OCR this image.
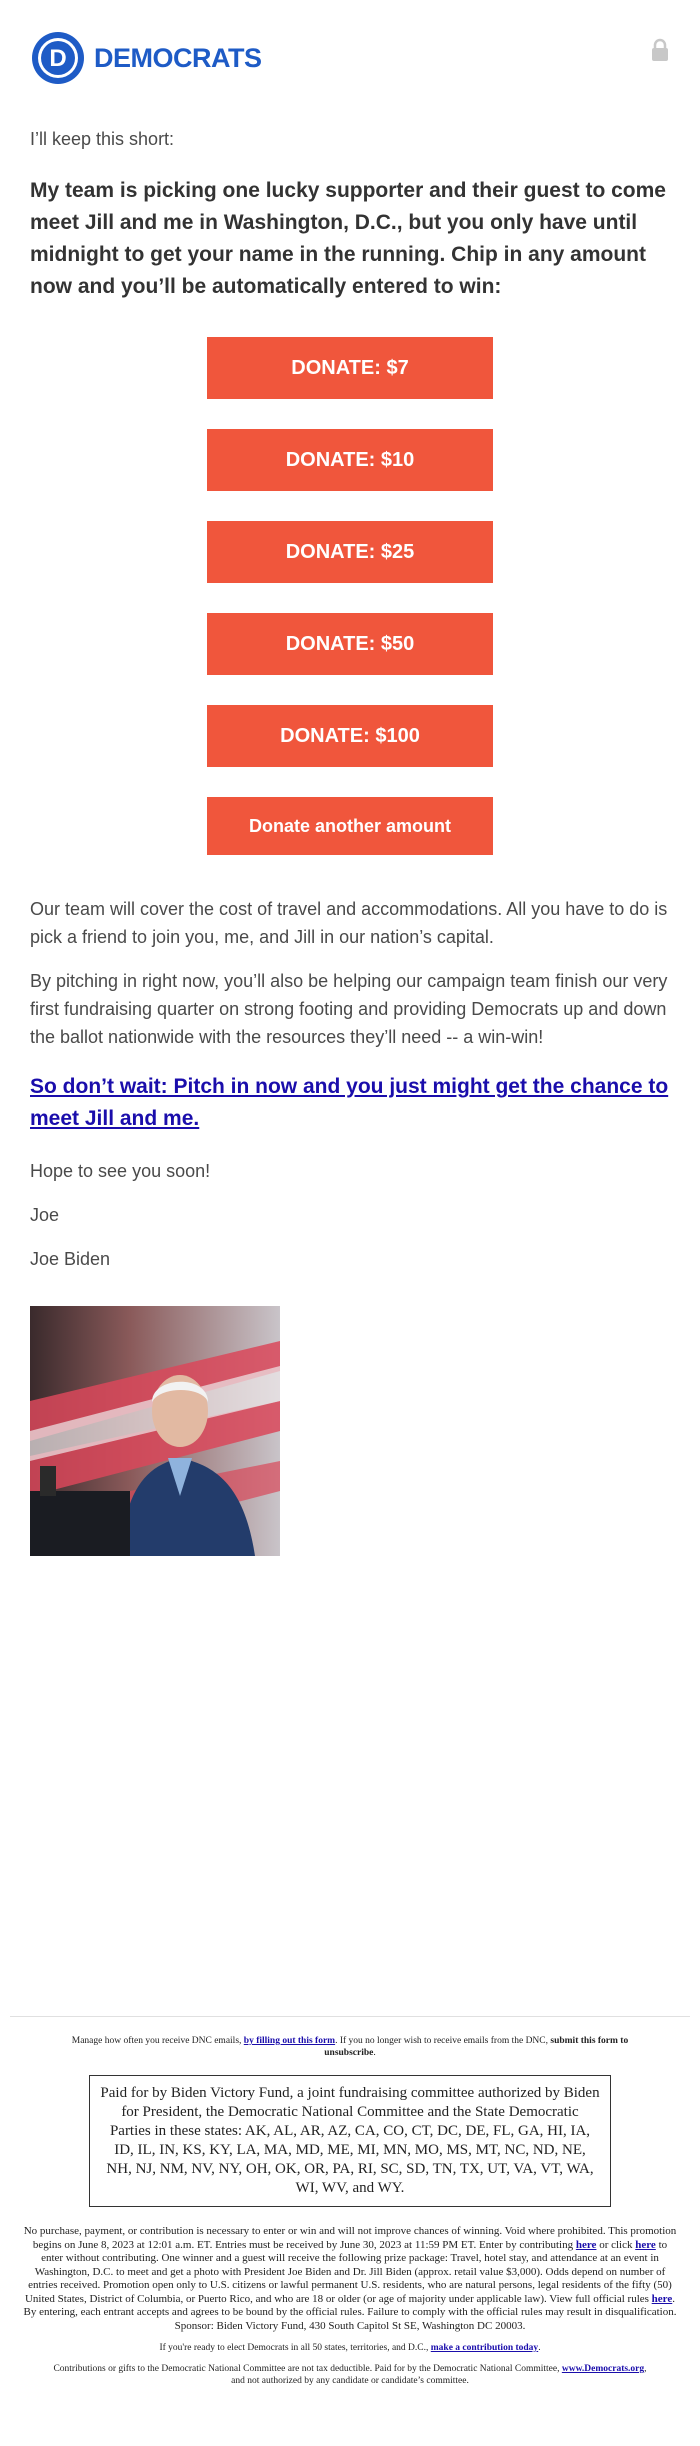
D DEMOCRATS

I’ll keep this short:

My team is picking one lucky supporter and their guest to come meet Jill and me in Washington, D.C., but you only have until midnight to get your name in the running. Chip in any amount now and you’ll be automatically entered to win:

DONATE: $7
DONATE: $10
DONATE: $25
DONATE: $50
DONATE: $100
Donate another amount

Our team will cover the cost of travel and accommodations. All you have to do is pick a friend to join you, me, and Jill in our nation’s capital.

By pitching in right now, you’ll also be helping our campaign team finish our very first fundraising quarter on strong footing and providing Democrats up and down the ballot nationwide with the resources they’ll need -- a win-win!

So don’t wait: Pitch in now and you just might get the chance to meet Jill and me.

Hope to see you soon!

Joe

Joe Biden

Manage how often you receive DNC emails, by filling out this form. If you no longer wish to receive emails from the DNC, submit this form to unsubscribe.

Paid for by Biden Victory Fund, a joint fundraising committee authorized by Biden for President, the Democratic National Committee and the State Democratic Parties in these states: AK, AL, AR, AZ, CA, CO, CT, DC, DE, FL, GA, HI, IA, ID, IL, IN, KS, KY, LA, MA, MD, ME, MI, MN, MO, MS, MT, NC, ND, NE, NH, NJ, NM, NV, NY, OH, OK, OR, PA, RI, SC, SD, TN, TX, UT, VA, VT, WA, WI, WV, and WY.

No purchase, payment, or contribution is necessary to enter or win and will not improve chances of winning. Void where prohibited. This promotion begins on June 8, 2023 at 12:01 a.m. ET. Entries must be received by June 30, 2023 at 11:59 PM ET. Enter by contributing here or click here to enter without contributing. One winner and a guest will receive the following prize package: Travel, hotel stay, and attendance at an event in Washington, D.C. to meet and get a photo with President Joe Biden and Dr. Jill Biden (approx. retail value $3,000). Odds depend on number of entries received. Promotion open only to U.S. citizens or lawful permanent U.S. residents, who are natural persons, legal residents of the fifty (50) United States, District of Columbia, or Puerto Rico, and who are 18 or older (or age of majority under applicable law). View full official rules here. By entering, each entrant accepts and agrees to be bound by the official rules. Failure to comply with the official rules may result in disqualification. Sponsor: Biden Victory Fund, 430 South Capitol St SE, Washington DC 20003.

If you're ready to elect Democrats in all 50 states, territories, and D.C., make a contribution today.

Contributions or gifts to the Democratic National Committee are not tax deductible. Paid for by the Democratic National Committee, www.Democrats.org, and not authorized by any candidate or candidate’s committee.
